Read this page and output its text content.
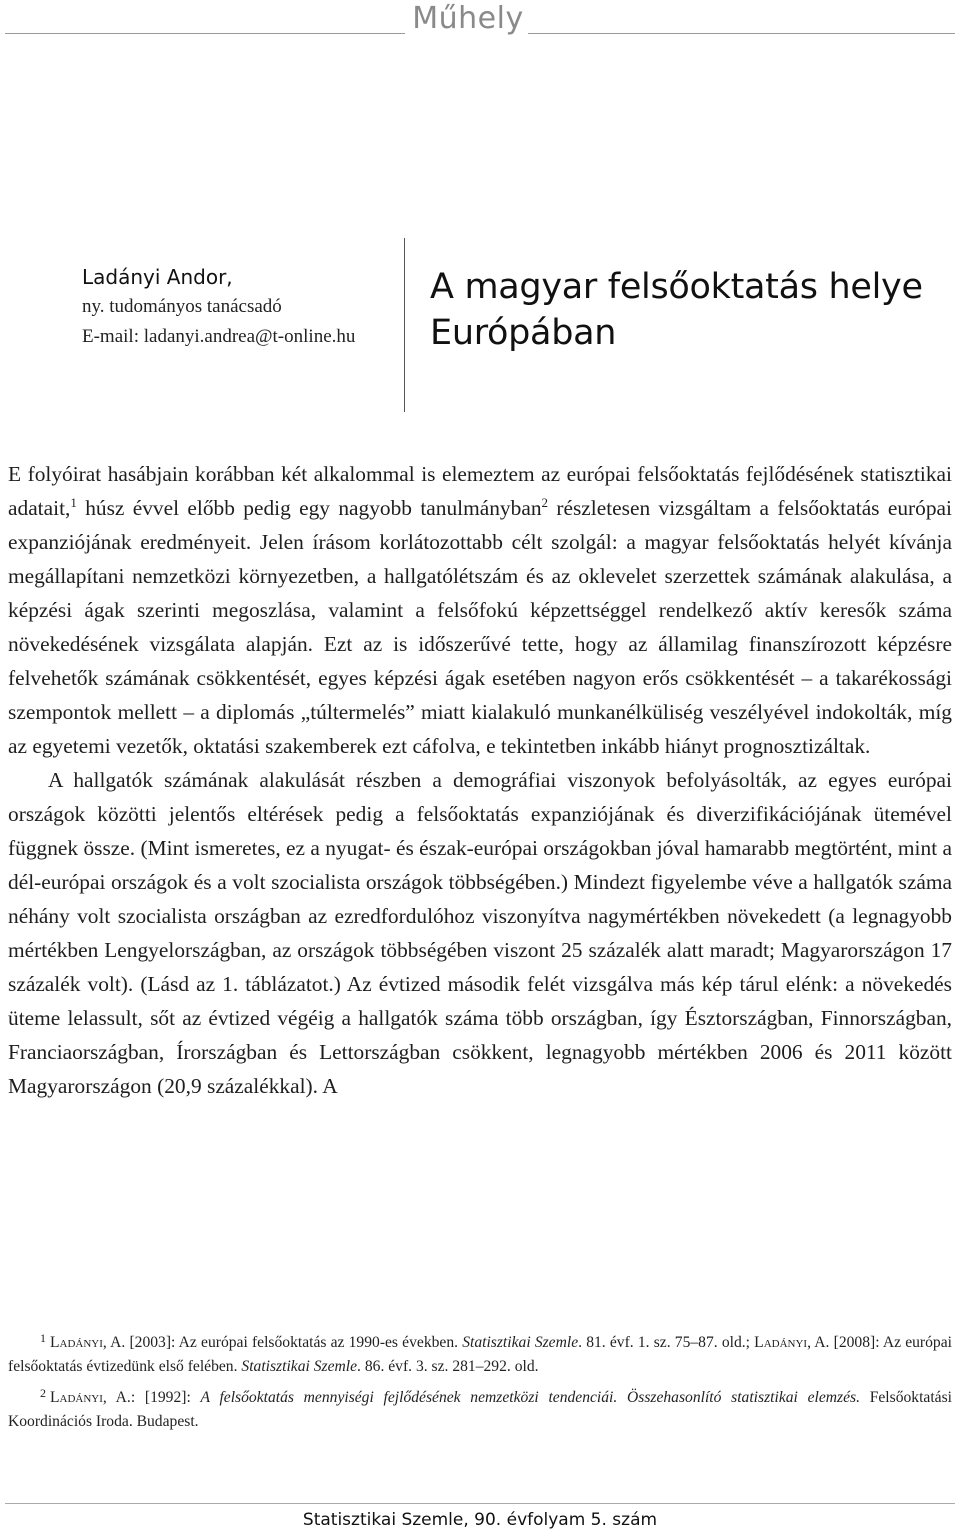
Műhely
Ladányi Andor,
ny. tudományos tanácsadó
E-mail: ladanyi.andrea@t-online.hu
A magyar felsőoktatás helye Európában

E folyóirat hasábjain korábban két alkalommal is elemeztem az európai felsőoktatás fejlődésének statisztikai adatait,$^1$ húsz évvel előbb pedig egy nagyobb tanulmányban$^2$ részletesen vizsgáltam a felsőoktatás európai expanziójának eredményeit. Jelen írásom korlátozottabb célt szolgál: a magyar felsőoktatás helyét kívánja megállapítani nemzetközi környezetben, a hallgatólétszám és az oklevelet szerzettek számának alakulása, a képzési ágak szerinti megoszlása, valamint a felsőfokú képzettséggel rendelkező aktív keresők száma növekedésének vizsgálata alapján. Ezt az is időszerűvé tette, hogy az államilag finanszírozott képzésre felvehetők számának csökkentését, egyes képzési ágak esetében nagyon erős csökkentését – a takarékossági szempontok mellett – a diplomás „túltermelés” miatt kialakuló munkanélküliség veszélyével indokolták, míg az egyetemi vezetők, oktatási szakemberek ezt cáfolva, e tekintetben inkább hiányt prognosztizáltak.

A hallgatók számának alakulását részben a demográfiai viszonyok befolyásolták, az egyes európai országok közötti jelentős eltérések pedig a felsőoktatás expanziójának és diverzifikációjának ütemével függnek össze. (Mint ismeretes, ez a nyugat- és észak-európai országokban jóval hamarabb megtörtént, mint a dél-európai országok és a volt szocialista országok többségében.) Mindezt figyelembe véve a hallgatók száma néhány volt szocialista országban az ezredfordulóhoz viszonyítva nagymértékben növekedett (a legnagyobb mértékben Lengyelországban, az országok többségében viszont 25 százalék alatt maradt; Magyarországon 17 százalék volt). (Lásd az 1. táblázatot.) Az évtized második felét vizsgálva más kép tárul elénk: a növekedés üteme lelassult, sőt az évtized végéig a hallgatók száma több országban, így Észtországban, Finnországban, Franciaországban, Írországban és Lettországban csökkent, legnagyobb mértékben 2006 és 2011 között Magyarországon (20,9 százalékkal). A

$^1$ Ladányi, A. [2003]: Az európai felsőoktatás az 1990-es években. Statisztikai Szemle. 81. évf. 1. sz. 75–87. old.; Ladányi, A. [2008]: Az európai felsőoktatás évtizedünk első felében. Statisztikai Szemle. 86. évf. 3. sz. 281–292. old.

$^2$ Ladányi, A.: [1992]: A felsőoktatás mennyiségi fejlődésének nemzetközi tendenciái. Összehasonlító statisztikai elemzés. Felsőoktatási Koordinációs Iroda. Budapest.

Statisztikai Szemle, 90. évfolyam 5. szám
